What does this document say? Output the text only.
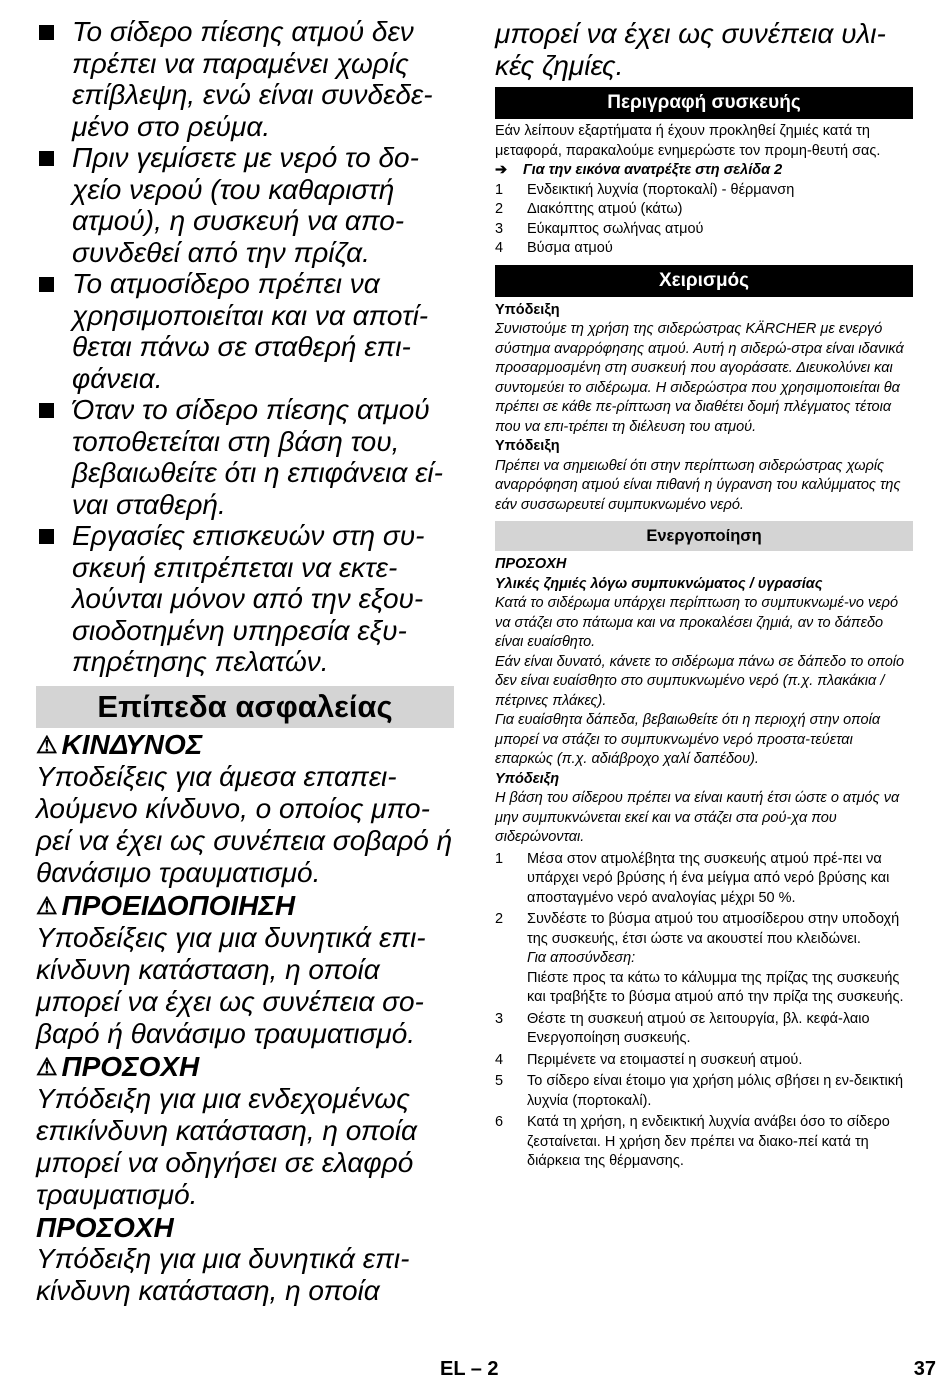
Το σίδερο πίεσης ατμού δεν πρέπει να παραμένει χωρίς επίβλεψη, ενώ είναι συνδεδε-μένο στο ρεύμα.
Πριν γεμίσετε με νερό το δο-χείο νερού (του καθαριστή ατμού), η συσκευή να απο-συνδεθεί από την πρίζα.
Το ατμοσίδερο πρέπει να χρησιμοποιείται και να αποτί-θεται πάνω σε σταθερή επι-φάνεια.
Όταν το σίδερο πίεσης ατμού τοποθετείται στη βάση του, βεβαιωθείτε ότι η επιφάνεια εί-ναι σταθερή.
Εργασίες επισκευών στη συ-σκευή επιτρέπεται να εκτε-λούνται μόνον από την εξου-σιοδοτημένη υπηρεσία εξυ-πηρέτησης πελατών.
Επίπεδα ασφαλείας
⚠ ΚΙΝΔΥΝΟΣ
Υποδείξεις για άμεσα επαπει-λούμενο κίνδυνο, ο οποίος μπο-ρεί να έχει ως συνέπεια σοβαρό ή θανάσιμο τραυματισμό.
⚠ ΠΡΟΕΙΔΟΠΟΙΗΣΗ
Υποδείξεις για μια δυνητικά επι-κίνδυνη κατάσταση, η οποία μπορεί να έχει ως συνέπεια σο-βαρό ή θανάσιμο τραυματισμό.
⚠ ΠΡΟΣΟΧΗ
Υπόδειξη για μια ενδεχομένως επικίνδυνη κατάσταση, η οποία μπορεί να οδηγήσει σε ελαφρό τραυματισμό.
ΠΡΟΣΟΧΗ
Υπόδειξη για μια δυνητικά επι-κίνδυνη κατάσταση, η οποία
μπορεί να έχει ως συνέπεια υλι-κές ζημίες.
Περιγραφή συσκευής
Εάν λείπουν εξαρτήματα ή έχουν προκληθεί ζημιές κατά τη μεταφορά, παρακαλούμε ενημερώστε τον προμη-θευτή σας.
➔ Για την εικόνα ανατρέξτε στη σελίδα 2
1	Ενδεικτική λυχνία (πορτοκαλί) - θέρμανση
2	Διακόπτης ατμού (κάτω)
3	Εύκαμπτος σωλήνας ατμού
4	Βύσμα ατμού
Χειρισμός
Υπόδειξη
Συνιστούμε τη χρήση της σιδερώστρας KÄRCHER με ενεργό σύστημα αναρρόφησης ατμού. Αυτή η σιδερώ-στρα είναι ιδανικά προσαρμοσμένη στη συσκευή που αγοράσατε. Διευκολύνει και συντομεύει το σιδέρωμα. Η σιδερώστρα που χρησιμοποιείται θα πρέπει σε κάθε πε-ρίπτωση να διαθέτει δομή πλέγματος τέτοια που να επι-τρέπει τη διέλευση του ατμού.
Υπόδειξη
Πρέπει να σημειωθεί ότι στην περίπτωση σιδερώστρας χωρίς αναρρόφηση ατμού είναι πιθανή η ύγρανση του καλύμματος της εάν συσσωρευτεί συμπυκνωμένο νερό.
Ενεργοποίηση
ΠΡΟΣΟΧΗ
Υλικές ζημιές λόγω συμπυκνώματος / υγρασίας
Κατά το σιδέρωμα υπάρχει περίπτωση το συμπυκνωμέ-νο νερό να στάζει στο πάτωμα και να προκαλέσει ζημιά, αν το δάπεδο είναι ευαίσθητο.
Εάν είναι δυνατό, κάνετε το σιδέρωμα πάνω σε δάπεδο το οποίο δεν είναι ευαίσθητο στο συμπυκνωμένο νερό (π.χ. πλακάκια / πέτρινες πλάκες).
Για ευαίσθητα δάπεδα, βεβαιωθείτε ότι η περιοχή στην οποία μπορεί να στάζει το συμπυκνωμένο νερό προστα-τεύεται επαρκώς (π.χ. αδιάβροχο χαλί δαπέδου).
Υπόδειξη
Η βάση του σίδερου πρέπει να είναι καυτή έτσι ώστε ο ατμός να μην συμπυκνώνεται εκεί και να στάζει στα ρού-χα που σιδερώνονται.
1	Μέσα στον ατμολέβητα της συσκευής ατμού πρέ-πει να υπάρχει νερό βρύσης ή ένα μείγμα από νερό βρύσης και αποσταγμένο νερό αναλογίας μέχρι 50 %.
2	Συνδέστε το βύσμα ατμού του ατμοσίδερου στην υποδοχή της συσκευής, έτσι ώστε να ακουστεί που κλειδώνει.
Για αποσύνδεση:
Πιέστε προς τα κάτω το κάλυμμα της πρίζας της συσκευής και τραβήξτε το βύσμα ατμού από την πρίζα της συσκευής.
3	Θέστε τη συσκευή ατμού σε λειτουργία, βλ. κεφά-λαιο Ενεργοποίηση συσκευής.
4	Περιμένετε να ετοιμαστεί η συσκευή ατμού.
5	Το σίδερο είναι έτοιμο για χρήση μόλις σβήσει η εν-δεικτική λυχνία (πορτοκαλί).
6	Κατά τη χρήση, η ενδεικτική λυχνία ανάβει όσο το σίδερο ζεσταίνεται. Η χρήση δεν πρέπει να διακο-πεί κατά τη διάρκεια της θέρμανσης.
EL – 2	37
